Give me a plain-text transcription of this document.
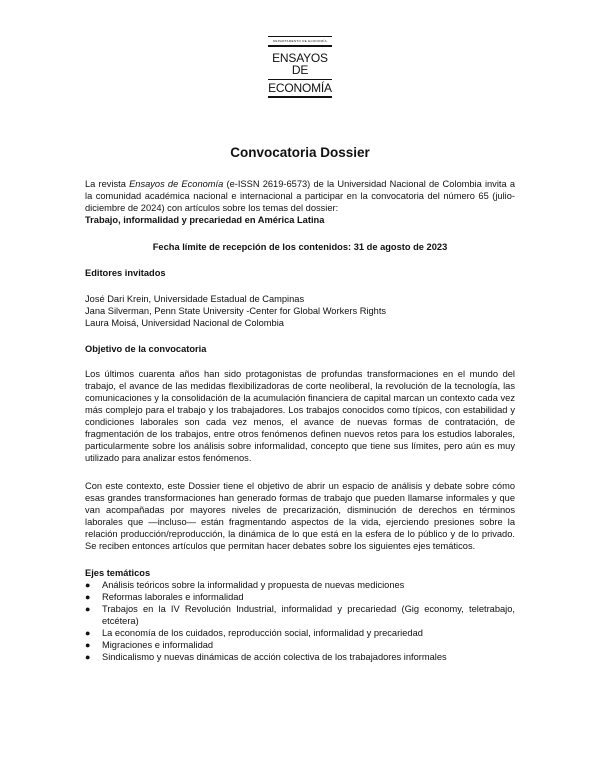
DEPARTAMENTO DE ECONOMÍA
ENSAYOS DE
ECONOMÍA
Convocatoria Dossier
La revista Ensayos de Economía (e-ISSN 2619-6573) de la Universidad Nacional de Colombia invita a la comunidad académica nacional e internacional a participar en la convocatoria del número 65 (julio-diciembre de 2024) con artículos sobre los temas del dossier:
Trabajo, informalidad y precariedad en América Latina
Fecha límite de recepción de los contenidos: 31 de agosto de 2023
Editores invitados
José Dari Krein, Universidade Estadual de Campinas
Jana Silverman, Penn State University -Center for Global Workers Rights
Laura Moisá, Universidad Nacional de Colombia
Objetivo de la convocatoria
Los últimos cuarenta años han sido protagonistas de profundas transformaciones en el mundo del trabajo, el avance de las medidas flexibilizadoras de corte neoliberal, la revolución de la tecnología, las comunicaciones y la consolidación de la acumulación financiera de capital marcan un contexto cada vez más complejo para el trabajo y los trabajadores. Los trabajos conocidos como típicos, con estabilidad y condiciones laborales son cada vez menos, el avance de nuevas formas de contratación, de fragmentación de los trabajos, entre otros fenómenos definen nuevos retos para los estudios laborales, particularmente sobre los análisis sobre informalidad, concepto que tiene sus límites, pero aún es muy utilizado para analizar estos fenómenos.
Con este contexto, este Dossier tiene el objetivo de abrir un espacio de análisis y debate sobre cómo esas grandes transformaciones han generado formas de trabajo que pueden llamarse informales y que van acompañadas por mayores niveles de precarización, disminución de derechos en términos laborales que —incluso— están fragmentando aspectos de la vida, ejerciendo presiones sobre la relación producción/reproducción, la dinámica de lo que está en la esfera de lo público y de lo privado. Se reciben entonces artículos que permitan hacer debates sobre los siguientes ejes temáticos.
Ejes temáticos
●	Análisis teóricos sobre la informalidad y propuesta de nuevas mediciones
●	Reformas laborales e informalidad
●	Trabajos en la IV Revolución Industrial, informalidad y precariedad (Gig economy, teletrabajo, etcétera)
●	La economía de los cuidados, reproducción social, informalidad y precariedad
●	Migraciones e informalidad
●	Sindicalismo y nuevas dinámicas de acción colectiva de los trabajadores informales
